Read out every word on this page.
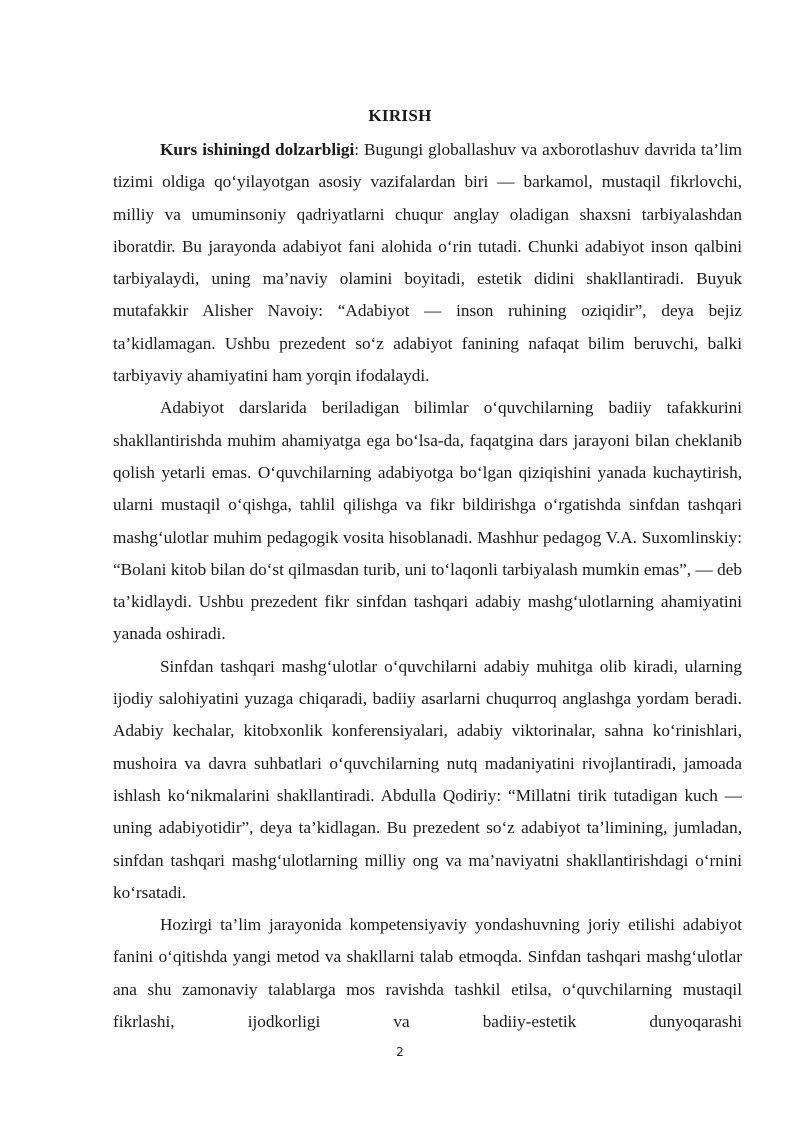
KIRISH

Kurs ishiningd dolzarbligi: Bugungi globallashuv va axborotlashuv davrida ta’lim tizimi oldiga qo‘yilayotgan asosiy vazifalardan biri — barkamol, mustaqil fikrlovchi, milliy va umuminsoniy qadriyatlarni chuqur anglay oladigan shaxsni tarbiyalashdan iboratdir. Bu jarayonda adabiyot fani alohida o‘rin tutadi. Chunki adabiyot inson qalbini tarbiyalaydi, uning ma’naviy olamini boyitadi, estetik didini shakllantiradi. Buyuk mutafakkir Alisher Navoiy: “Adabiyot — inson ruhining oziqidir”, deya bejiz ta’kidlamagan. Ushbu prezedent so‘z adabiyot fanining nafaqat bilim beruvchi, balki tarbiyaviy ahamiyatini ham yorqin ifodalaydi.

Adabiyot darslarida beriladigan bilimlar o‘quvchilarning badiiy tafakkurini shakllantirishda muhim ahamiyatga ega bo‘lsa-da, faqatgina dars jarayoni bilan cheklanib qolish yetarli emas. O‘quvchilarning adabiyotga bo‘lgan qiziqishini yanada kuchaytirish, ularni mustaqil o‘qishga, tahlil qilishga va fikr bildirishga o‘rgatishda sinfdan tashqari mashg‘ulotlar muhim pedagogik vosita hisoblanadi. Mashhur pedagog V.A. Suxomlinskiy: “Bolani kitob bilan do‘st qilmasdan turib, uni to‘laqonli tarbiyalash mumkin emas”, — deb ta’kidlaydi. Ushbu prezedent fikr sinfdan tashqari adabiy mashg‘ulotlarning ahamiyatini yanada oshiradi.

Sinfdan tashqari mashg‘ulotlar o‘quvchilarni adabiy muhitga olib kiradi, ularning ijodiy salohiyatini yuzaga chiqaradi, badiiy asarlarni chuqurroq anglashga yordam beradi. Adabiy kechalar, kitobxonlik konferensiyalari, adabiy viktorinalar, sahna ko‘rinishlari, mushoira va davra suhbatlari o‘quvchilarning nutq madaniyatini rivojlantiradi, jamoada ishlash ko‘nikmalarini shakllantiradi. Abdulla Qodiriy: “Millatni tirik tutadigan kuch — uning adabiyotidir”, deya ta’kidlagan. Bu prezedent so‘z adabiyot ta’limining, jumladan, sinfdan tashqari mashg‘ulotlarning milliy ong va ma’naviyatni shakllantirishdagi o‘rnini ko‘rsatadi.

Hozirgi ta’lim jarayonida kompetensiyaviy yondashuvning joriy etilishi adabiyot fanini o‘qitishda yangi metod va shakllarni talab etmoqda. Sinfdan tashqari mashg‘ulotlar ana shu zamonaviy talablarga mos ravishda tashkil etilsa, o‘quvchilarning mustaqil fikrlashi, ijodkorligi va badiiy-estetik dunyoqarashi

2
